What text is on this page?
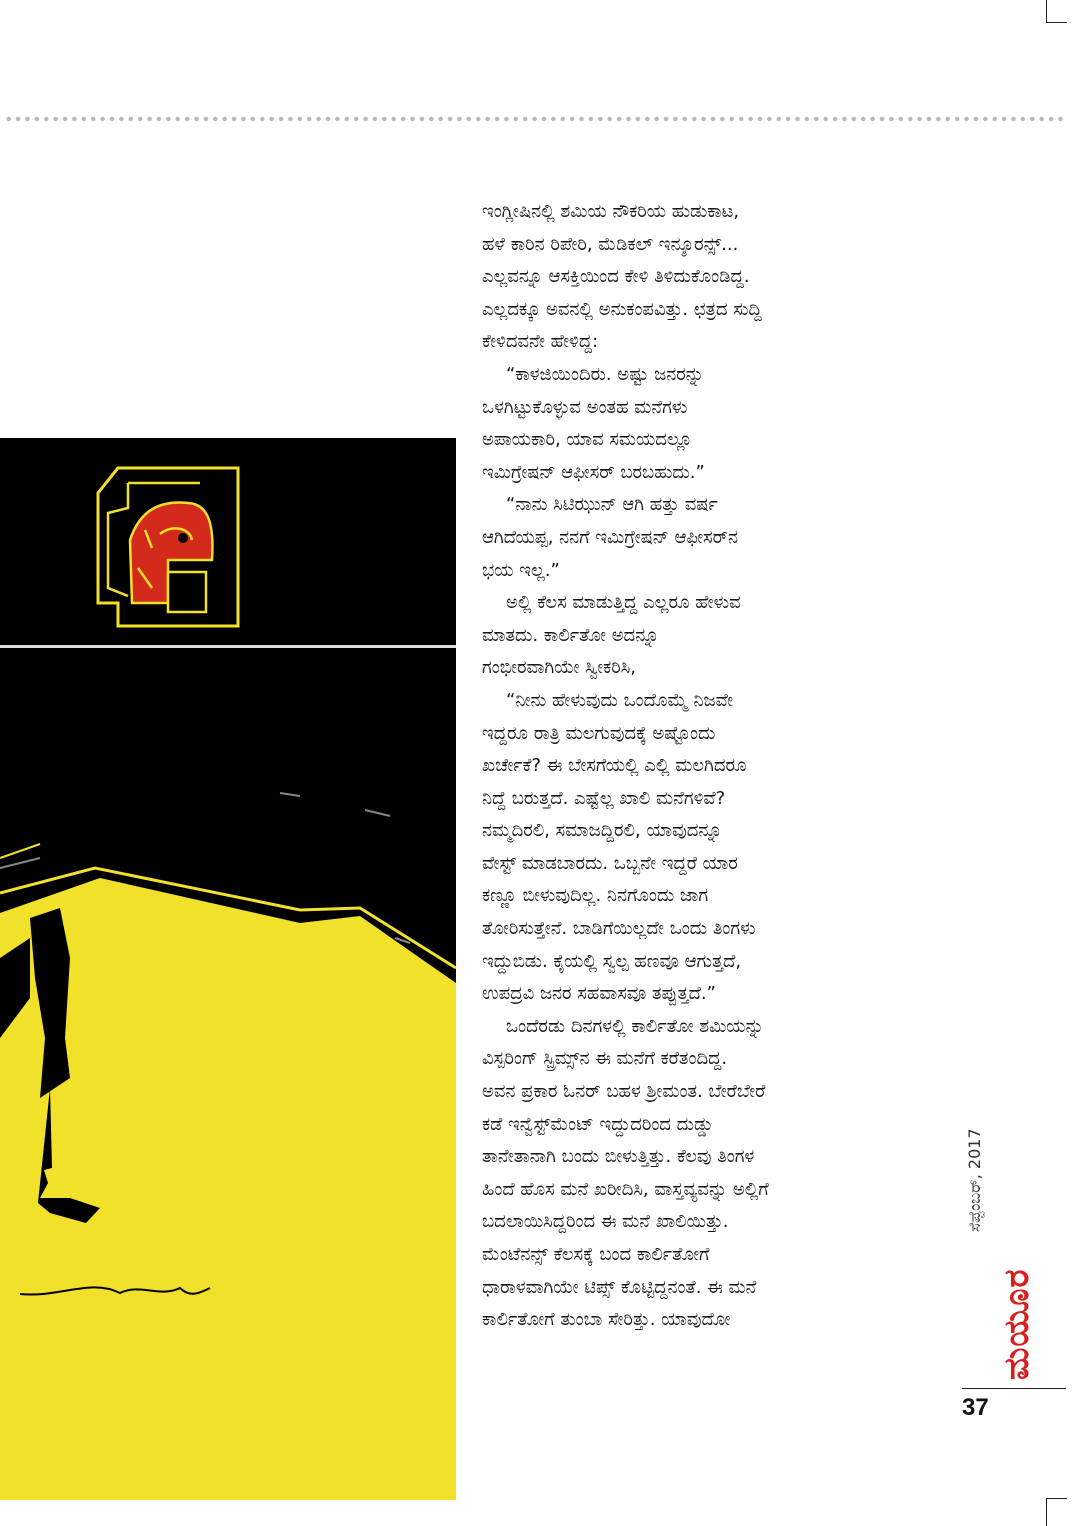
ಇಂಗ್ಲೀಷಿನಲ್ಲಿ ಶಮಿಯ ನೌಕರಿಯ ಹುಡುಕಾಟ,
ಹಳೆ ಕಾರಿನ ರಿಪೇರಿ, ಮೆಡಿಕಲ್ ಇನ್ಶೂರನ್ಸ್...
ಎಲ್ಲವನ್ನೂ ಆಸಕ್ತಿಯಿಂದ ಕೇಳಿ ತಿಳಿದುಕೊಂಡಿದ್ದ.
ಎಲ್ಲದಕ್ಕೂ ಅವನಲ್ಲಿ ಅನುಕಂಪವಿತ್ತು. ಛತ್ರದ ಸುದ್ದಿ
ಕೇಳಿದವನೇ ಹೇಳಿದ್ದ:

“ಕಾಳಜಿಯಿಂದಿರು. ಅಷ್ಟು ಜನರನ್ನು
ಒಳಗಿಟ್ಟುಕೊಳ್ಳುವ ಅಂತಹ ಮನೆಗಳು
ಅಪಾಯಕಾರಿ, ಯಾವ ಸಮಯದಲ್ಲೂ
ಇಮಿಗ್ರೇಷನ್ ಆಫೀಸರ್ ಬರಬಹುದು.”

“ನಾನು ಸಿಟಿಝುನ್ ಆಗಿ ಹತ್ತು ವರ್ಷ
ಆಗಿದೆಯಪ್ಪ, ನನಗೆ ಇಮಿಗ್ರೇಷನ್ ಆಫೀಸರ್‌ನ
ಭಯ ಇಲ್ಲ.”

ಅಲ್ಲಿ ಕೆಲಸ ಮಾಡುತ್ತಿದ್ದ ಎಲ್ಲರೂ ಹೇಳುವ
ಮಾತದು. ಕಾರ್ಲಿತೋ ಅದನ್ನೂ
ಗಂಭೀರವಾಗಿಯೇ ಸ್ವೀಕರಿಸಿ,

“ನೀನು ಹೇಳುವುದು ಒಂದೊಮ್ಮೆ ನಿಜವೇ
ಇದ್ದರೂ ರಾತ್ರಿ ಮಲಗುವುದಕ್ಕೆ ಅಷ್ಟೊಂದು
ಖರ್ಚೇಕೆ? ಈ ಬೇಸಗೆಯಲ್ಲಿ ಎಲ್ಲಿ ಮಲಗಿದರೂ
ನಿದ್ದೆ ಬರುತ್ತದೆ. ಎಷ್ಟೆಲ್ಲ ಖಾಲಿ ಮನೆಗಳಿವೆ?
ನಮ್ಮದಿರಲಿ, ಸಮಾಜದ್ದಿರಲಿ, ಯಾವುದನ್ನೂ
ವೇಸ್ಟ್ ಮಾಡಬಾರದು. ಒಬ್ಬನೇ ಇದ್ದರೆ ಯಾರ
ಕಣ್ಣೂ ಬೀಳುವುದಿಲ್ಲ. ನಿನಗೊಂದು ಜಾಗ
ತೋರಿಸುತ್ತೇನೆ. ಬಾಡಿಗೆಯಿಲ್ಲದೇ ಒಂದು ತಿಂಗಳು
ಇದ್ದುಬಿಡು. ಕೈಯಲ್ಲಿ ಸ್ವಲ್ಪ ಹಣವೂ ಆಗುತ್ತದೆ,
ಉಪದ್ರವಿ ಜನರ ಸಹವಾಸವೂ ತಪ್ಪುತ್ತದೆ.”

ಒಂದೆರಡು ದಿನಗಳಲ್ಲಿ ಕಾರ್ಲಿತೋ ಶಮಿಯನ್ನು
ವಿಸ್ಪರಿಂಗ್ ಸ್ಪ್ರಿಮ್ಸ್‌ನ ಈ ಮನೆಗೆ ಕರೆತಂದಿದ್ದ.
ಅವನ ಪ್ರಕಾರ ಓನರ್ ಬಹಳ ಶ್ರೀಮಂತ. ಬೇರೆಬೇರೆ
ಕಡೆ ಇನ್ವೆಸ್ಟ್‌ಮೆಂಟ್ ಇದ್ದುದರಿಂದ ದುಡ್ಡು
ತಾನೇತಾನಾಗಿ ಬಂದು ಬೀಳುತ್ತಿತ್ತು. ಕೆಲವು ತಿಂಗಳ
ಹಿಂದೆ ಹೊಸ ಮನೆ ಖರೀದಿಸಿ, ವಾಸ್ತವ್ಯವನ್ನು ಅಲ್ಲಿಗೆ
ಬದಲಾಯಿಸಿದ್ದರಿಂದ ಈ ಮನೆ ಖಾಲಿಯಿತ್ತು.
ಮೆಂಟೆನನ್ಸ್ ಕೆಲಸಕ್ಕೆ ಬಂದ ಕಾರ್ಲಿತೋಗೆ
ಧಾರಾಳವಾಗಿಯೇ ಟಿಪ್ಸ್ ಕೊಟ್ಟಿದ್ದನಂತೆ. ಈ ಮನೆ
ಕಾರ್ಲಿತೋಗೆ ತುಂಬಾ ಸೇರಿತ್ತು. ಯಾವುದೋ

ಸೆಪ್ಟೆಂಬರ್, 2017
ಮಯೂರ
37
